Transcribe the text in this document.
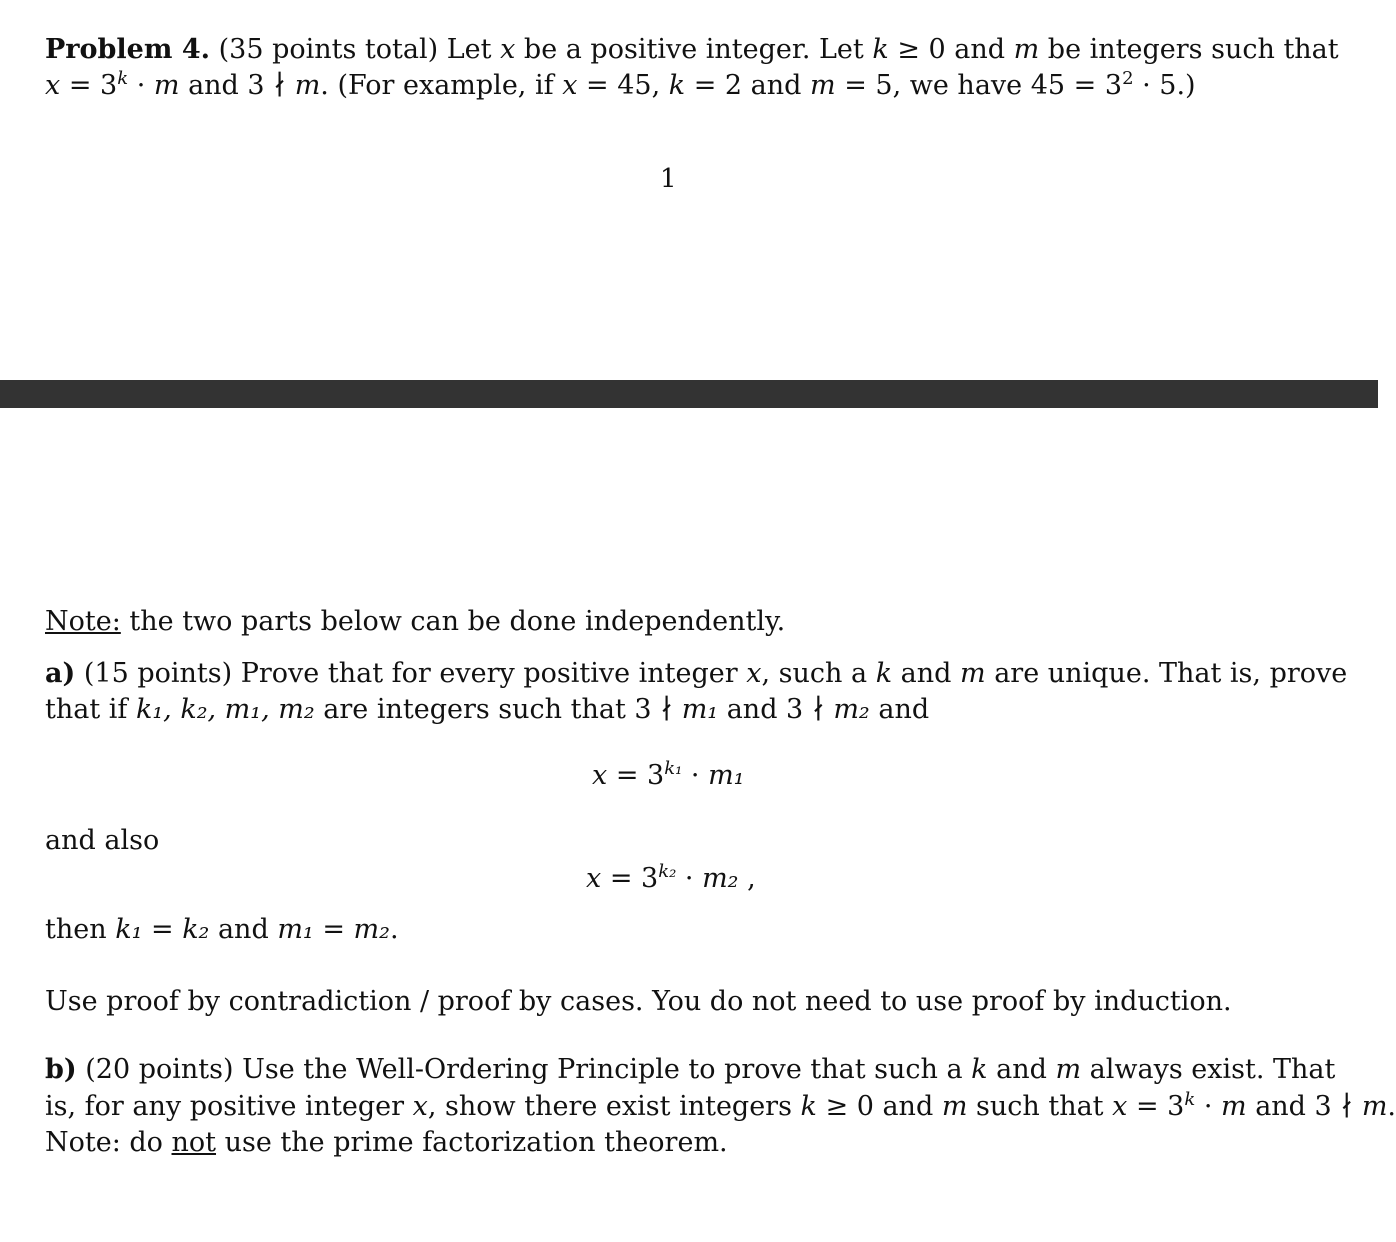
Problem 4. (35 points total) Let x be a positive integer. Let k ≥ 0 and m be integers such that
$x = 3^k \cdot m$ and 3 ∤ m. (For example, if x = 45, k = 2 and m = 5, we have $45 = 3^2 \cdot 5$.)
1
Note: the two parts below can be done independently.
a) (15 points) Prove that for every positive integer x, such a k and m are unique. That is, prove
that if k₁, k₂, m₁, m₂ are integers such that 3 ∤ m₁ and 3 ∤ m₂ and
$x = 3^{k_1} \cdot m_1$
and also
$x = 3^{k_2} \cdot m_2$ ,
then k₁ = k₂ and m₁ = m₂.
Use proof by contradiction / proof by cases. You do not need to use proof by induction.
b) (20 points) Use the Well-Ordering Principle to prove that such a k and m always exist. That
is, for any positive integer x, show there exist integers k ≥ 0 and m such that $x = 3^k \cdot m$ and 3 ∤ m.
Note: do not use the prime factorization theorem.
